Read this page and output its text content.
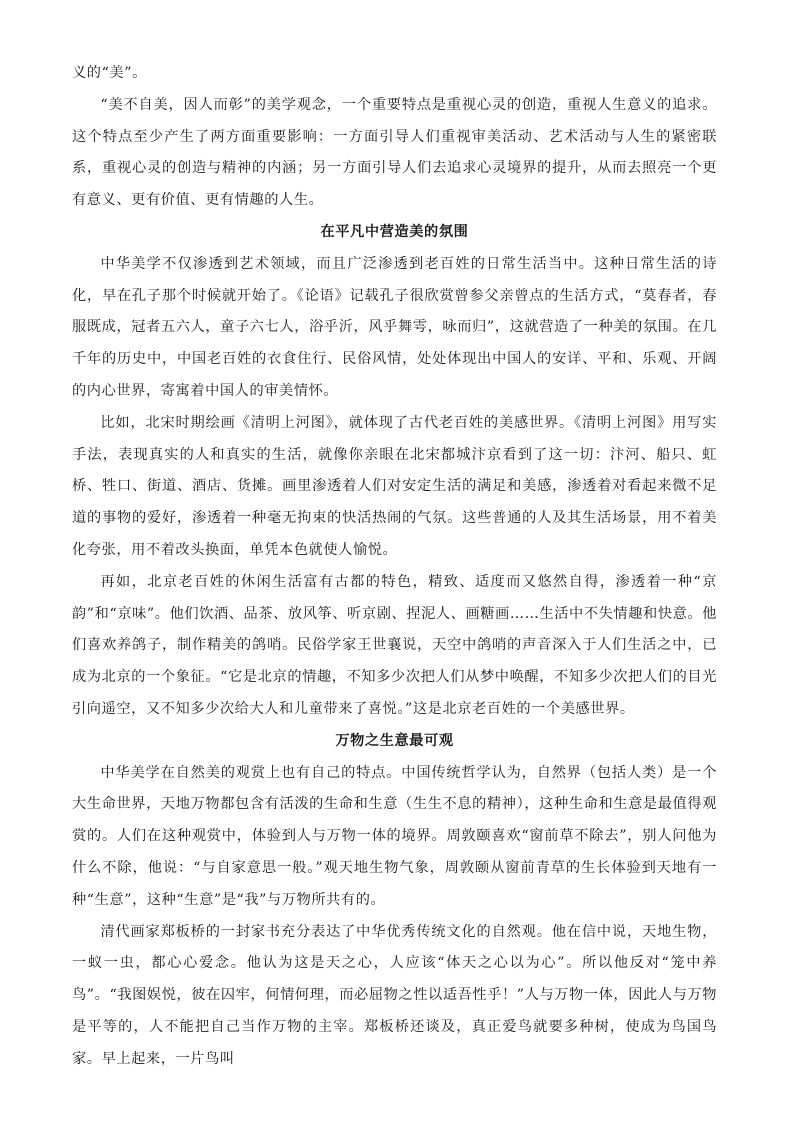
义的“美”。

“美不自美，因人而彰”的美学观念，一个重要特点是重视心灵的创造，重视人生意义的追求。这个特点至少产生了两方面重要影响：一方面引导人们重视审美活动、艺术活动与人生的紧密联系，重视心灵的创造与精神的内涵；另一方面引导人们去追求心灵境界的提升，从而去照亮一个更有意义、更有价值、更有情趣的人生。

在平凡中营造美的氛围

中华美学不仅渗透到艺术领域，而且广泛渗透到老百姓的日常生活当中。这种日常生活的诗化，早在孔子那个时候就开始了。《论语》记载孔子很欣赏曾参父亲曾点的生活方式，“莫春者，春服既成，冠者五六人，童子六七人，浴乎沂，风乎舞雩，咏而归”，这就营造了一种美的氛围。在几千年的历史中，中国老百姓的衣食住行、民俗风情，处处体现出中国人的安详、平和、乐观、开阔的内心世界，寄寓着中国人的审美情怀。

比如，北宋时期绘画《清明上河图》，就体现了古代老百姓的美感世界。《清明上河图》用写实手法，表现真实的人和真实的生活，就像你亲眼在北宋都城汴京看到了这一切：汴河、船只、虹桥、牲口、街道、酒店、货摊。画里渗透着人们对安定生活的满足和美感，渗透着对看起来微不足道的事物的爱好，渗透着一种毫无拘束的快活热闹的气氛。这些普通的人及其生活场景，用不着美化夸张，用不着改头换面，单凭本色就使人愉悦。

再如，北京老百姓的休闲生活富有古都的特色，精致、适度而又悠然自得，渗透着一种“京韵”和“京味”。他们饮酒、品茶、放风筝、听京剧、捏泥人、画糖画……生活中不失情趣和快意。他们喜欢养鸽子，制作精美的鸽哨。民俗学家王世襄说，天空中鸽哨的声音深入于人们生活之中，已成为北京的一个象征。“它是北京的情趣，不知多少次把人们从梦中唤醒，不知多少次把人们的目光引向遥空，又不知多少次给大人和儿童带来了喜悦。”这是北京老百姓的一个美感世界。

万物之生意最可观

中华美学在自然美的观赏上也有自己的特点。中国传统哲学认为，自然界（包括人类）是一个大生命世界，天地万物都包含有活泼的生命和生意（生生不息的精神），这种生命和生意是最值得观赏的。人们在这种观赏中，体验到人与万物一体的境界。周敦颐喜欢“窗前草不除去”，别人问他为什么不除，他说：“与自家意思一般。”观天地生物气象，周敦颐从窗前青草的生长体验到天地有一种“生意”，这种“生意”是“我”与万物所共有的。

清代画家郑板桥的一封家书充分表达了中华优秀传统文化的自然观。他在信中说，天地生物，一蚁一虫，都心心爱念。他认为这是天之心，人应该“体天之心以为心”。所以他反对“笼中养鸟”。“我图娱悦，彼在囚牢，何情何理，而必屈物之性以适吾性乎！”人与万物一体，因此人与万物是平等的，人不能把自己当作万物的主宰。郑板桥还谈及，真正爱鸟就要多种树，使成为鸟国鸟家。早上起来，一片鸟叫
